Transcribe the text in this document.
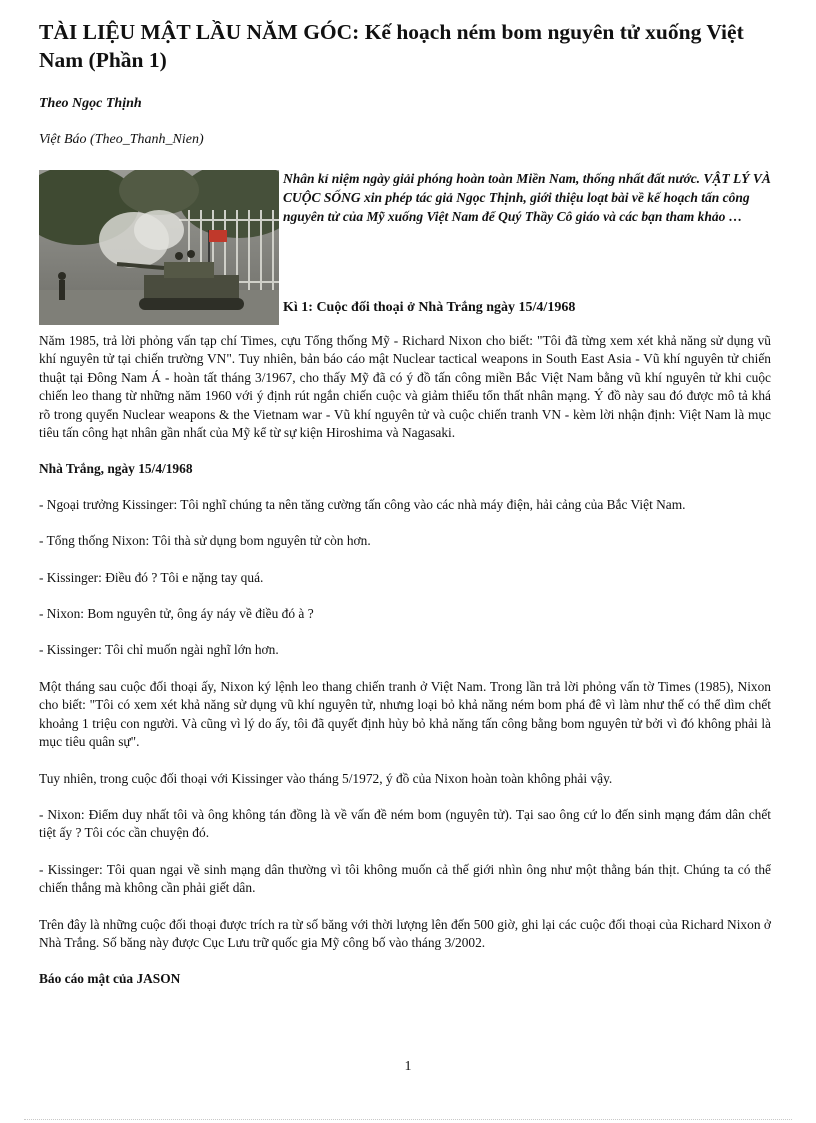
TÀI LIỆU MẬT LẦU NĂM GÓC: Kế hoạch ném bom nguyên tử xuống Việt Nam (Phần 1)
Theo Ngọc Thịnh
Việt Báo (Theo_Thanh_Nien)
Nhân kỉ niệm ngày giải phóng hoàn toàn Miền Nam, thống nhất đất nước. VẬT LÝ VÀ CUỘC SỐNG xin phép tác giả Ngọc Thịnh, giới thiệu loạt bài về kế hoạch tấn công nguyên tử của Mỹ xuống Việt Nam để Quý Thầy Cô giáo và các bạn tham khảo …
Kì 1: Cuộc đối thoại ở Nhà Trắng ngày 15/4/1968

Năm 1985, trả lời phỏng vấn tạp chí Times, cựu Tổng thống Mỹ - Richard Nixon cho biết: "Tôi đã từng xem xét khả năng sử dụng vũ khí nguyên tử tại chiến trường VN". Tuy nhiên, bản báo cáo mật Nuclear tactical weapons in South East Asia - Vũ khí nguyên tử chiến thuật tại Đông Nam Á - hoàn tất tháng 3/1967, cho thấy Mỹ đã có ý đồ tấn công miền Bắc Việt Nam bằng vũ khí nguyên tử khi cuộc chiến leo thang từ những năm 1960 với ý định rút ngắn chiến cuộc và giảm thiểu tổn thất nhân mạng. Ý đồ này sau đó được mô tả khá rõ trong quyển Nuclear weapons & the Vietnam war - Vũ khí nguyên tử và cuộc chiến tranh VN - kèm lời nhận định: Việt Nam là mục tiêu tấn công hạt nhân gần nhất của Mỹ kể từ sự kiện Hiroshima và Nagasaki.

Nhà Trắng, ngày 15/4/1968

- Ngoại trưởng Kissinger: Tôi nghĩ chúng ta nên tăng cường tấn công vào các nhà máy điện, hải cảng của Bắc Việt Nam.

- Tổng thống Nixon: Tôi thà sử dụng bom nguyên tử còn hơn.

- Kissinger: Điều đó ? Tôi e nặng tay quá.

- Nixon: Bom nguyên tử, ông áy náy về điều đó à ?

- Kissinger: Tôi chỉ muốn ngài nghĩ lớn hơn.

Một tháng sau cuộc đối thoại ấy, Nixon ký lệnh leo thang chiến tranh ở Việt Nam. Trong lần trả lời phỏng vấn tờ Times (1985), Nixon cho biết: "Tôi có xem xét khả năng sử dụng vũ khí nguyên tử, nhưng loại bỏ khả năng ném bom phá đê vì làm như thế có thể dìm chết khoảng 1 triệu con người. Và cũng vì lý do ấy, tôi đã quyết định hủy bỏ khả năng tấn công bằng bom nguyên tử bởi vì đó không phải là mục tiêu quân sự".

Tuy nhiên, trong cuộc đối thoại với Kissinger vào tháng 5/1972, ý đồ của Nixon hoàn toàn không phải vậy.

- Nixon: Điểm duy nhất tôi và ông không tán đồng là về vấn đề ném bom (nguyên tử). Tại sao ông cứ lo đến sinh mạng đám dân chết tiệt ấy ? Tôi cóc cần chuyện đó.

- Kissinger: Tôi quan ngại về sinh mạng dân thường vì tôi không muốn cả thế giới nhìn ông như một thằng bán thịt. Chúng ta có thể chiến thắng mà không cần phải giết dân.

Trên đây là những cuộc đối thoại được trích ra từ số băng với thời lượng lên đến 500 giờ, ghi lại các cuộc đối thoại của Richard Nixon ở Nhà Trắng. Số băng này được Cục Lưu trữ quốc gia Mỹ công bố vào tháng 3/2002.

Báo cáo mật của JASON

1
